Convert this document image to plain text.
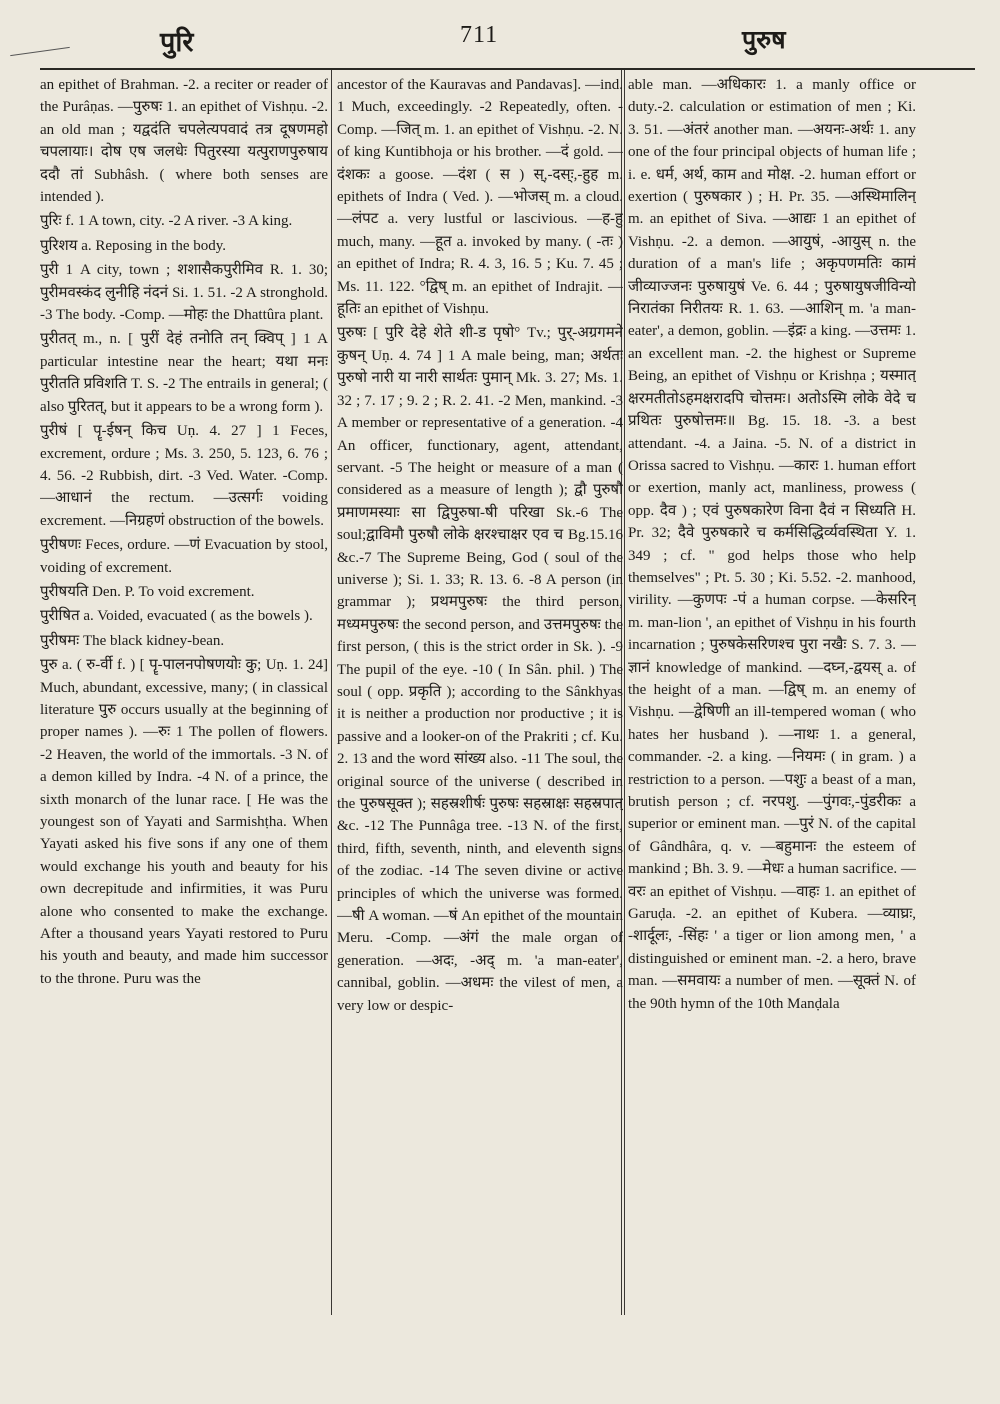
पुरि	711	पुरुष

an epithet of Brahman. -2. a reciter or reader of the Purâṇas. —पुरुषः 1. an epithet of Vishṇu. -2. an old man ; यद्वदंति चपलेत्यपवादं तत्र दूषणमहो चपलायाः। दोष एष जलधेः पितुरस्या यत्पुराणपुरुषाय ददौ तां Subhâsh. ( where both senses are intended ).

पुरिः f. 1 A town, city. -2 A river. -3 A king.

पुरिशय a. Reposing in the body.

पुरी 1 A city, town ; शशासैकपुरीमिव R. 1. 30; पुरीमवस्कंद लुनीहि नंदनं Si. 1. 51. -2 A stronghold. -3 The body. -Comp. —मोहः the Dhattûra plant.

पुरीतत् m., n. [ पुरीं देहं तनोति तन् क्विप् ] 1 A particular intestine near the heart; यथा मनः पुरीतति प्रविशति T. S. -2 The entrails in general; ( also पुरितत्, but it appears to be a wrong form ).

पुरीषं [ पॄ-ईषन् किच Uṇ. 4. 27 ] 1 Feces, excrement, ordure ; Ms. 3. 250, 5. 123, 6. 76 ; 4. 56. -2 Rubbish, dirt. -3 Ved. Water. -Comp. —आधानं the rectum. —उत्सर्गः voiding excrement. —निग्रहणं obstruction of the bowels.

पुरीषणः Feces, ordure. —णं Evacuation by stool, voiding of excrement.

पुरीषयति Den. P. To void excrement.

पुरीषित a. Voided, evacuated ( as the bowels ).

पुरीषमः The black kidney-bean.

पुरु a. ( रु-र्वी f. ) [ पॄ-पालनपोषणयोः कु; Uṇ. 1. 24] Much, abundant, excessive, many; ( in classical literature पुरु occurs usually at the beginning of proper names ). —रुः 1 The pollen of flowers. -2 Heaven, the world of the immortals. -3 N. of a demon killed by Indra. -4 N. of a prince, the sixth monarch of the lunar race. [ He was the youngest son of Yayati and Sarmishṭha. When Yayati asked his five sons if any one of them would exchange his youth and beauty for his own decrepitude and infirmities, it was Puru alone who consented to make the exchange. After a thousand years Yayati restored to Puru his youth and beauty, and made him successor to the throne. Puru was the

ancestor of the Kauravas and Pandavas]. —ind. 1 Much, exceedingly. -2 Repeatedly, often. -Comp. —जित् m. 1. an epithet of Vishṇu. -2. N. of king Kuntibhoja or his brother. —दं gold. —दंशकः a goose. —दंश ( स ) स्,-दस्ः,-हुह m. epithets of Indra ( Ved. ). —भोजस् m. a cloud. —लंपट a. very lustful or lascivious. —ह-हु much, many. —हूत a. invoked by many. ( -तः ) an epithet of Indra; R. 4. 3, 16. 5 ; Ku. 7. 45 ; Ms. 11. 122. °द्विष् m. an epithet of Indrajit. —हूतिः an epithet of Vishṇu.

पुरुषः [ पुरि देहे शेते शी-ड पृषो° Tv.; पुर्-अग्रगमने कुषन् Uṇ. 4. 74 ] 1 A male being, man; अर्थतः पुरुषो नारी या नारी सार्थतः पुमान् Mk. 3. 27; Ms. 1. 32 ; 7. 17 ; 9. 2 ; R. 2. 41. -2 Men, mankind. -3 A member or representative of a generation. -4 An officer, functionary, agent, attendant, servant. -5 The height or measure of a man ( considered as a measure of length ); द्वौ पुरुषौ प्रमाणमस्याः सा द्विपुरुषा-षी परिखा Sk.-6 The soul;द्वाविमौ पुरुषौ लोके क्षरश्चाक्षर एव च Bg.15.16 &c.-7 The Supreme Being, God ( soul of the universe ); Si. 1. 33; R. 13. 6. -8 A person (in grammar ); प्रथमपुरुषः the third person, मध्यमपुरुषः the second person, and उत्तमपुरुषः the first person, ( this is the strict order in Sk. ). -9 The pupil of the eye. -10 ( In Sân. phil. ) The soul ( opp. प्रकृति ); according to the Sânkhyas it is neither a production nor productive ; it is passive and a looker-on of the Prakriti ; cf. Ku. 2. 13 and the word सांख्य also. -11 The soul, the original source of the universe ( described in the पुरुषसूक्त ); सहस्रशीर्षः पुरुषः सहस्राक्षः सहस्रपात् &c. -12 The Punnâga tree. -13 N. of the first, third, fifth, seventh, ninth, and eleventh signs of the zodiac. -14 The seven divine or active principles of which the universe was formed. —षी A woman. —षं An epithet of the mountain Meru. -Comp. —अंगं the male organ of generation. —अदः, -अद् m. 'a man-eater', cannibal, goblin. —अधमः the vilest of men, a very low or despic-

able man. —अधिकारः 1. a manly office or duty.-2. calculation or estimation of men ; Ki. 3. 51. —अंतरं another man. —अयनः-अर्थः 1. any one of the four principal objects of human life ; i. e. धर्म, अर्थ, काम and मोक्ष. -2. human effort or exertion ( पुरुषकार ) ; H. Pr. 35. —अस्थिमालिन् m. an epithet of Siva. —आद्यः 1 an epithet of Vishṇu. -2. a demon. —आयुषं, -आयुस् n. the duration of a man's life ; अकृपणमतिः कामं जीव्याज्जनः पुरुषायुषं Ve. 6. 44 ; पुरुषायुषजीविन्यो निरातंका निरीतयः R. 1. 63. —आशिन् m. 'a man-eater', a demon, goblin. —इंद्रः a king. —उत्तमः 1. an excellent man. -2. the highest or Supreme Being, an epithet of Vishṇu or Krishṇa ; यस्मात् क्षरमतीतोऽहमक्षरादपि चोत्तमः। अतोऽस्मि लोके वेदे च प्रथितः पुरुषोत्तमः॥ Bg. 15. 18. -3. a best attendant. -4. a Jaina. -5. N. of a district in Orissa sacred to Vishṇu. —कारः 1. human effort or exertion, manly act, manliness, prowess ( opp. दैव ) ; एवं पुरुषकारेण विना दैवं न सिध्यति H. Pr. 32; दैवे पुरुषकारे च कर्मसिद्धिर्व्यवस्थिता Y. 1. 349 ; cf. " god helps those who help themselves" ; Pt. 5. 30 ; Ki. 5.52. -2. manhood, virility. —कुणपः -पं a human corpse. —केसरिन् m. man-lion ', an epithet of Vishṇu in his fourth incarnation ; पुरुषकेसरिणश्च पुरा नखैः S. 7. 3. —ज्ञानं knowledge of mankind. —दघ्न,-द्वयस् a. of the height of a man. —द्विष् m. an enemy of Vishṇu. —द्वेषिणी an ill-tempered woman ( who hates her husband ). —नाथः 1. a general, commander. -2. a king. —नियमः ( in gram. ) a restriction to a person. —पशुः a beast of a man, brutish person ; cf. नरपशु. —पुंगवः,-पुंडरीकः a superior or eminent man. —पुरं N. of the capital of Gândhâra, q. v. —बहुमानः the esteem of mankind ; Bh. 3. 9. —मेधः a human sacrifice. —वरः an epithet of Vishṇu. —वाहः 1. an epithet of Garuḍa. -2. an epithet of Kubera. —व्याघ्रः, -शार्दूलः, -सिंहः ' a tiger or lion among men, ' a distinguished or eminent man. -2. a hero, brave man. —समवायः a number of men. —सूक्तं N. of the 90th hymn of the 10th Manḍala
